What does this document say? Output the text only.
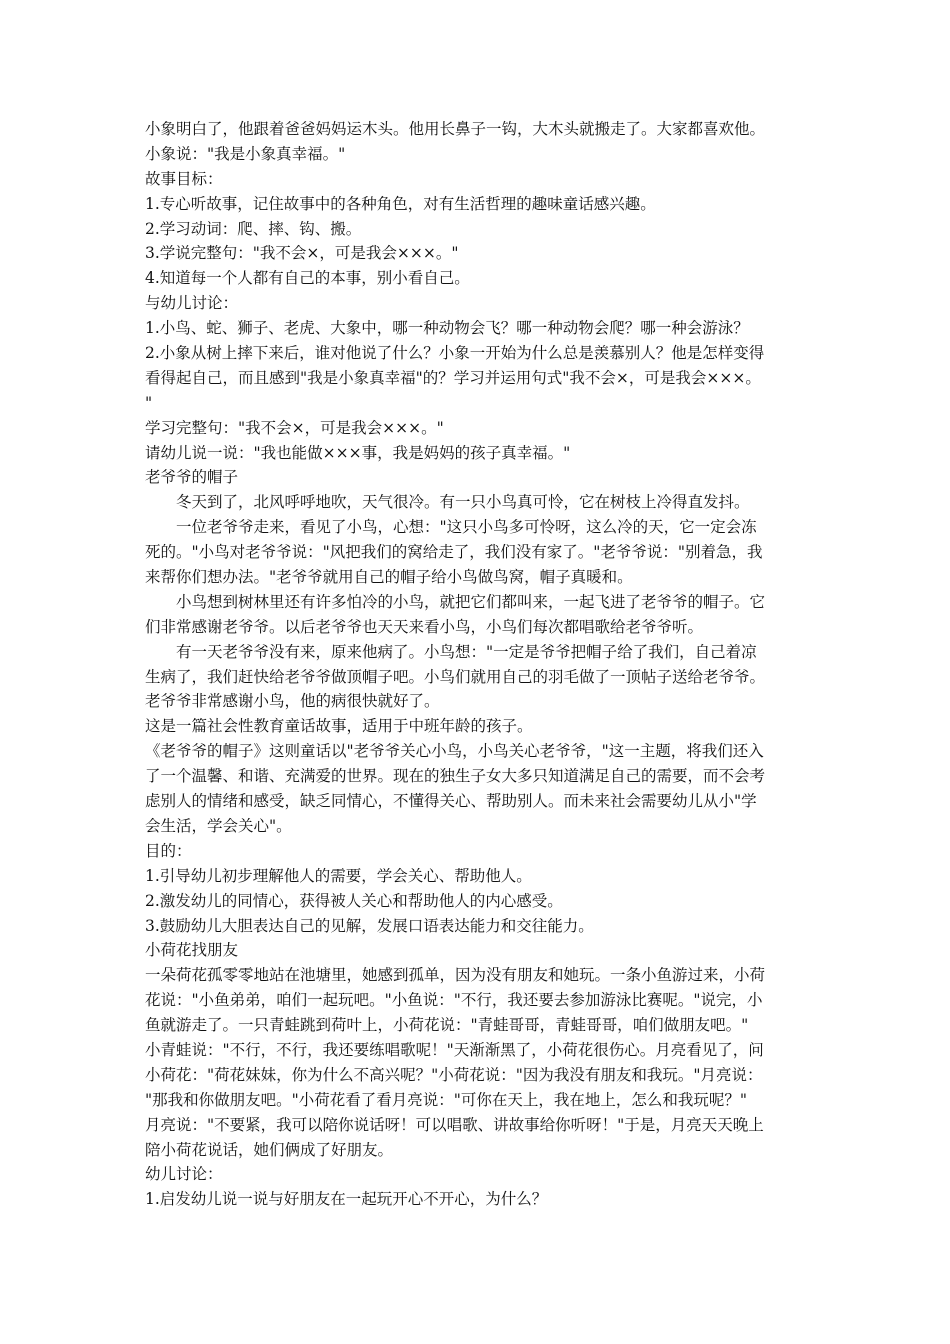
小象明白了，他跟着爸爸妈妈运木头。他用长鼻子一钩，大木头就搬走了。大家都喜欢他。
小象说："我是小象真幸福。"
故事目标：
1.专心听故事，记住故事中的各种角色，对有生活哲理的趣味童话感兴趣。
2.学习动词：爬、摔、钩、搬。
3.学说完整句："我不会×，可是我会×××。"
4.知道每一个人都有自己的本事，别小看自己。
与幼儿讨论：
1.小鸟、蛇、狮子、老虎、大象中，哪一种动物会飞？哪一种动物会爬？哪一种会游泳？
2.小象从树上摔下来后，谁对他说了什么？小象一开始为什么总是羡慕别人？他是怎样变得
看得起自己，而且感到"我是小象真幸福"的？学习并运用句式"我不会×，可是我会×××。
"
学习完整句："我不会×，可是我会×××。"
请幼儿说一说："我也能做×××事，我是妈妈的孩子真幸福。"
老爷爷的帽子
冬天到了，北风呼呼地吹，天气很冷。有一只小鸟真可怜，它在树枝上冷得直发抖。
一位老爷爷走来，看见了小鸟，心想："这只小鸟多可怜呀，这么冷的天，它一定会冻
死的。"小鸟对老爷爷说："风把我们的窝给走了，我们没有家了。"老爷爷说："别着急，我
来帮你们想办法。"老爷爷就用自己的帽子给小鸟做鸟窝，帽子真暖和。
小鸟想到树林里还有许多怕冷的小鸟，就把它们都叫来，一起飞进了老爷爷的帽子。它
们非常感谢老爷爷。以后老爷爷也天天来看小鸟，小鸟们每次都唱歌给老爷爷听。
有一天老爷爷没有来，原来他病了。小鸟想："一定是爷爷把帽子给了我们，自己着凉
生病了，我们赶快给老爷爷做顶帽子吧。小鸟们就用自己的羽毛做了一顶帖子送给老爷爷。
老爷爷非常感谢小鸟，他的病很快就好了。
这是一篇社会性教育童话故事，适用于中班年龄的孩子。
《老爷爷的帽子》这则童话以"老爷爷关心小鸟，小鸟关心老爷爷，"这一主题，将我们还入
了一个温馨、和谐、充满爱的世界。现在的独生子女大多只知道满足自己的需要，而不会考
虑别人的情绪和感受，缺乏同情心，不懂得关心、帮助别人。而未来社会需要幼儿从小"学
会生活，学会关心"。
目的：
1.引导幼儿初步理解他人的需要，学会关心、帮助他人。
2.激发幼儿的同情心，获得被人关心和帮助他人的内心感受。
3.鼓励幼儿大胆表达自己的见解，发展口语表达能力和交往能力。
小荷花找朋友
一朵荷花孤零零地站在池塘里，她感到孤单，因为没有朋友和她玩。一条小鱼游过来，小荷
花说："小鱼弟弟，咱们一起玩吧。"小鱼说："不行，我还要去参加游泳比赛呢。"说完，小
鱼就游走了。一只青蛙跳到荷叶上，小荷花说："青蛙哥哥，青蛙哥哥，咱们做朋友吧。"
小青蛙说："不行，不行，我还要练唱歌呢！"天渐渐黑了，小荷花很伤心。月亮看见了，问
小荷花："荷花妹妹，你为什么不高兴呢？"小荷花说："因为我没有朋友和我玩。"月亮说：
"那我和你做朋友吧。"小荷花看了看月亮说："可你在天上，我在地上，怎么和我玩呢？"
月亮说："不要紧，我可以陪你说话呀！可以唱歌、讲故事给你听呀！"于是，月亮天天晚上
陪小荷花说话，她们俩成了好朋友。
幼儿讨论：
1.启发幼儿说一说与好朋友在一起玩开心不开心，为什么？
